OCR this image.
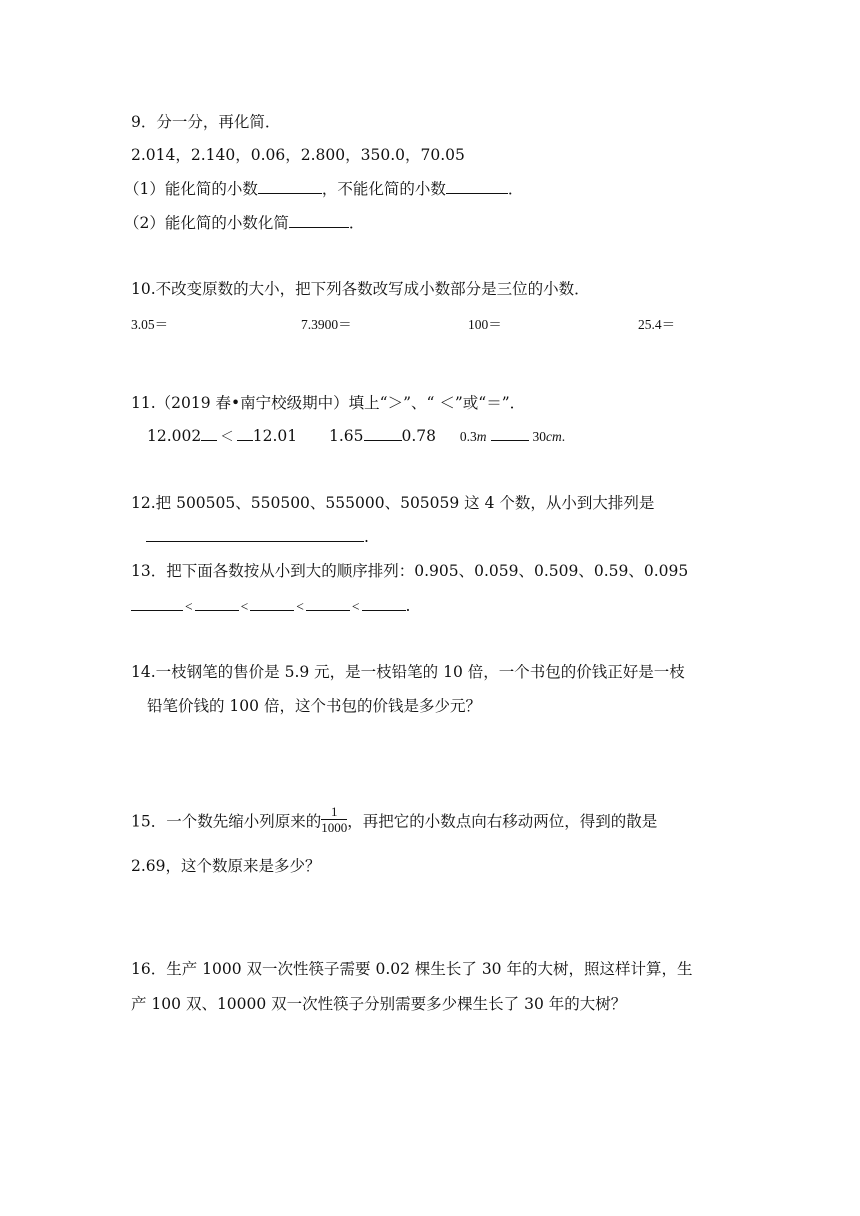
9．分一分，再化简．
2.014，2.140，0.06，2.800，350.0，70.05
（1）能化简的小数	，不能化简的小数	．
（2）能化简的小数化简	．
10.不改变原数的大小，把下列各数改写成小数部分是三位的小数．
3.05＝	7.3900＝	100＝	25.4＝
11.（2019 春•南宁校级期中）填上“＞”、“ ＜”或“＝”．
12.002 ＜ 12.01 1.65 0.78 0.3m	30cm.
12.把 500505、550500、555000、505059 这 4 个数，从小到大排列是
.
13．把下面各数按从小到大的顺序排列：0.905、0.059、0.509、0.59、0.095
<	<	<	<	.
14.一枝钢笔的售价是 5.9 元，是一枝铅笔的 10 倍，一个书包的价钱正好是一枝
铅笔价钱的 100 倍，这个书包的价钱是多少元？
15．一个数先缩小列原来的 $\frac{1}{1000}$ ，再把它的小数点向右移动两位，得到的散是
2.69，这个数原来是多少？
16．生产 1000 双一次性筷子需要 0.02 棵生长了 30 年的大树，照这样计算，生
产 100 双、10000 双一次性筷子分别需要多少棵生长了 30 年的大树？
